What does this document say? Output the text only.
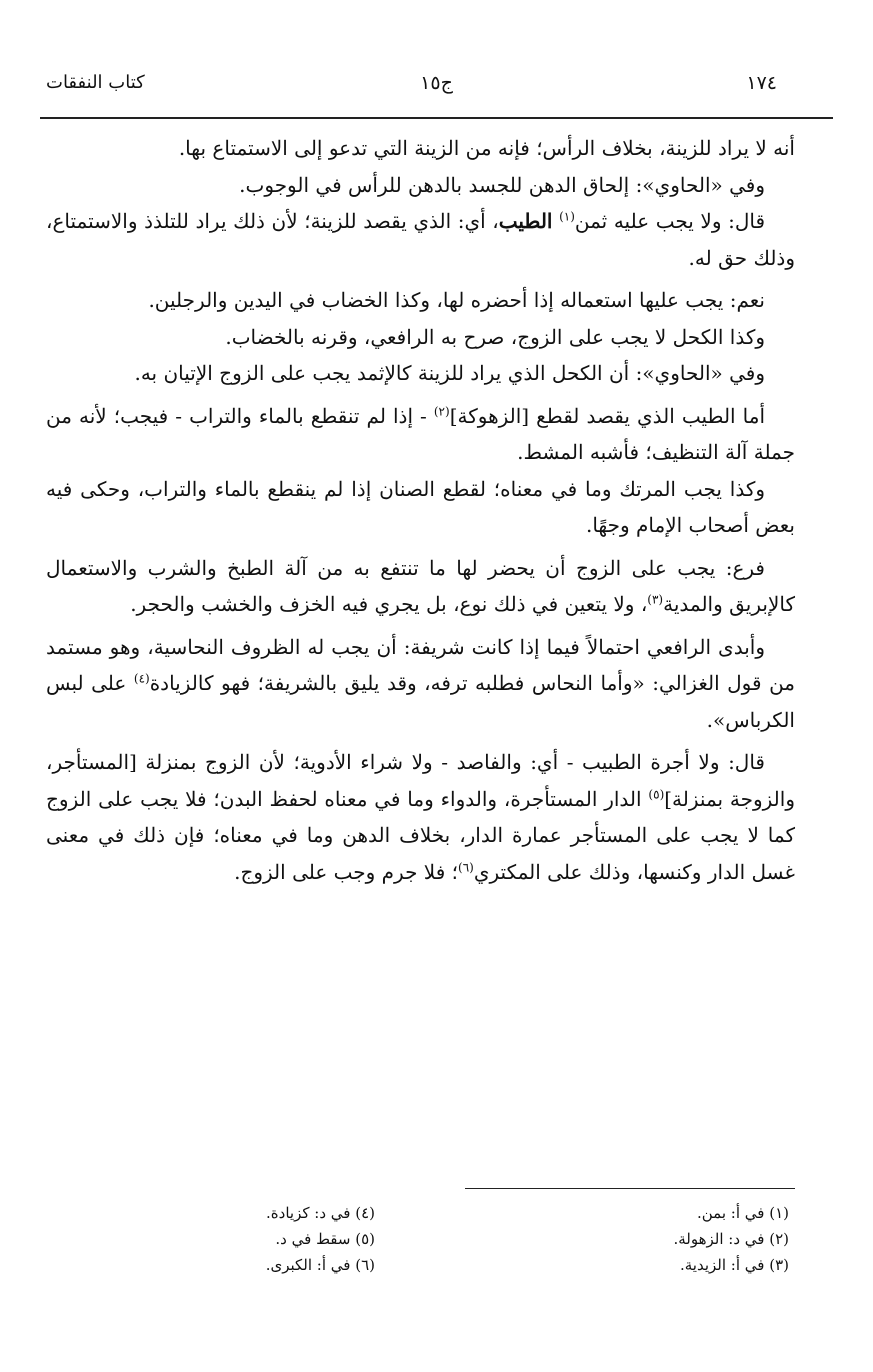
١٧٤
ج١٥
كتاب النفقات

أنه لا يراد للزينة، بخلاف الرأس؛ فإنه من الزينة التي تدعو إلى الاستمتاع بها.

وفي «الحاوي»: إلحاق الدهن للجسد بالدهن للرأس في الوجوب.

قال: ولا يجب عليه ثمن$^{(١)}$ الطيب، أي: الذي يقصد للزينة؛ لأن ذلك يراد للتلذذ والاستمتاع، وذلك حق له.

نعم: يجب عليها استعماله إذا أحضره لها، وكذا الخضاب في اليدين والرجلين.

وكذا الكحل لا يجب على الزوج، صرح به الرافعي، وقرنه بالخضاب.

وفي «الحاوي»: أن الكحل الذي يراد للزينة كالإثمد يجب على الزوج الإتيان به.

أما الطيب الذي يقصد لقطع [الزهوكة]$^{(٢)}$ - إذا لم تنقطع بالماء والتراب - فيجب؛ لأنه من جملة آلة التنظيف؛ فأشبه المشط.

وكذا يجب المرتك وما في معناه؛ لقطع الصنان إذا لم ينقطع بالماء والتراب، وحكى فيه بعض أصحاب الإمام وجهًا.

فرع: يجب على الزوج أن يحضر لها ما تنتفع به من آلة الطبخ والشرب والاستعمال كالإبريق والمدية$^{(٣)}$، ولا يتعين في ذلك نوع، بل يجري فيه الخزف والخشب والحجر.

وأبدى الرافعي احتمالاً فيما إذا كانت شريفة: أن يجب له الظروف النحاسية، وهو مستمد من قول الغزالي: «وأما النحاس فطلبه ترفه، وقد يليق بالشريفة؛ فهو كالزيادة$^{(٤)}$ على لبس الكرباس».

قال: ولا أجرة الطبيب - أي: والفاصد - ولا شراء الأدوية؛ لأن الزوج بمنزلة [المستأجر، والزوجة بمنزلة]$^{(٥)}$ الدار المستأجرة، والدواء وما في معناه لحفظ البدن؛ فلا يجب على الزوج كما لا يجب على المستأجر عمارة الدار، بخلاف الدهن وما في معناه؛ فإن ذلك في معنى غسل الدار وكنسها، وذلك على المكتري$^{(٦)}$؛ فلا جرم وجب على الزوج.

(١) في أ: بمن.
(٢) في د: الزهولة.
(٣) في أ: الزيدية.
(٤) في د: كزيادة.
(٥) سقط في د.
(٦) في أ: الكبرى.
